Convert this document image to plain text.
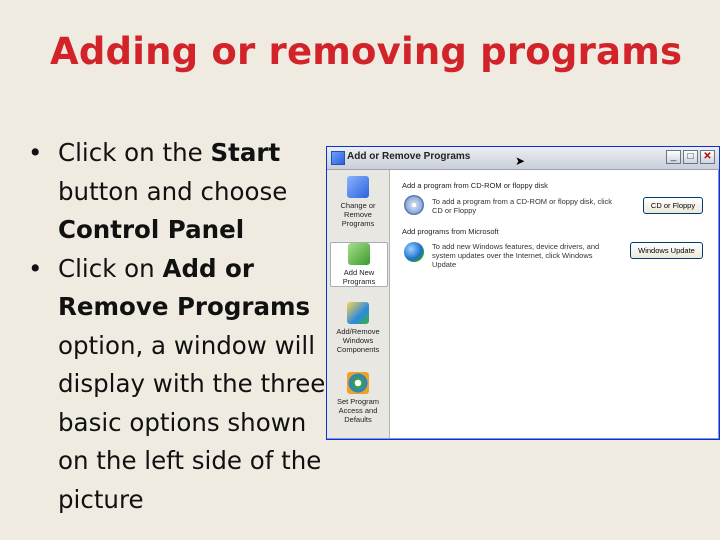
Adding or removing programs
• Click on the Start button and choose Control Panel
• Click on Add or Remove Programs option, a window will display with the three basic options shown on the left side of the picture
Add or Remove Programs	➤	_	□ ✕
Change or Remove Programs
Add New Programs
Add/Remove Windows Components
Set Program Access and Defaults
Add a program from CD-ROM or floppy disk
To add a program from a CD-ROM or floppy disk, click CD or Floppy
CD or Floppy
Add programs from Microsoft
To add new Windows features, device drivers, and system updates over the Internet, click Windows Update
Windows Update
